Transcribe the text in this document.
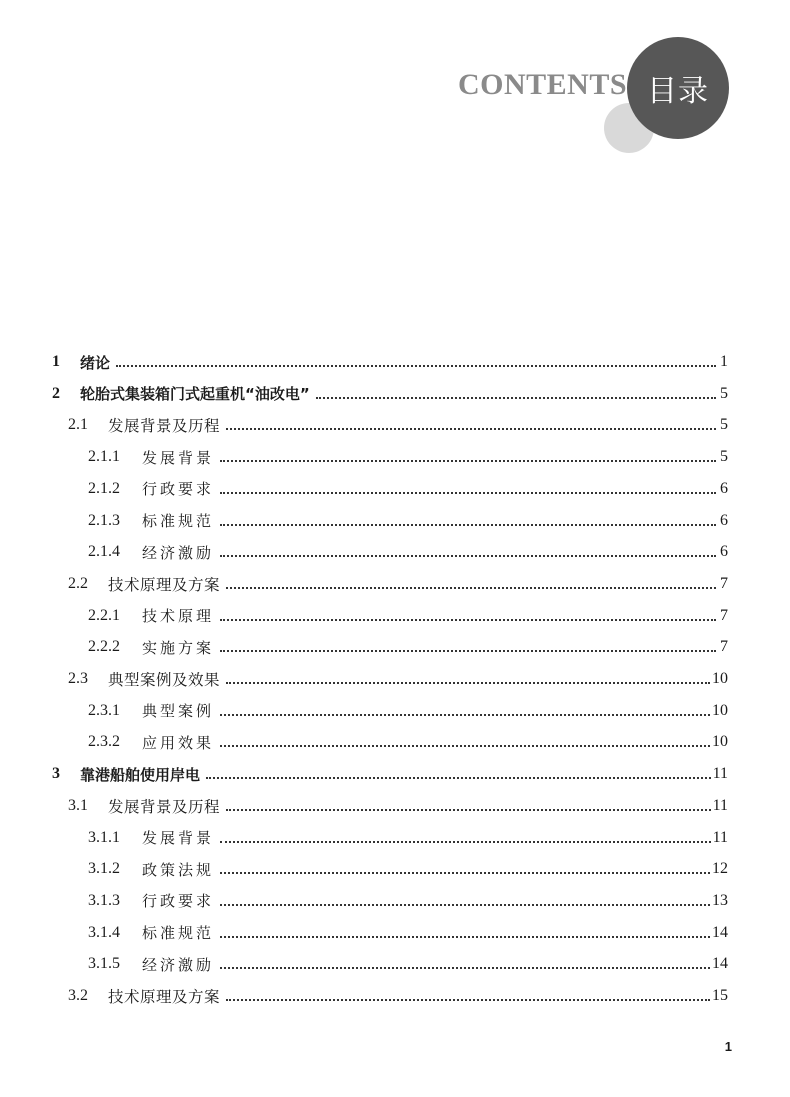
目录
CONTENTS
1	绪论	1
2	轮胎式集装箱门式起重机“油改电”	5
2.1	发展背景及历程	5
2.1.1	发展背景	5
2.1.2	行政要求	6
2.1.3	标准规范	6
2.1.4	经济激励	6
2.2	技术原理及方案	7
2.2.1	技术原理	7
2.2.2	实施方案	7
2.3	典型案例及效果	10
2.3.1	典型案例	10
2.3.2	应用效果	10
3	靠港船舶使用岸电	11
3.1	发展背景及历程	11
3.1.1	发展背景	11
3.1.2	政策法规	12
3.1.3	行政要求	13
3.1.4	标准规范	14
3.1.5	经济激励	14
3.2	技术原理及方案	15
1
